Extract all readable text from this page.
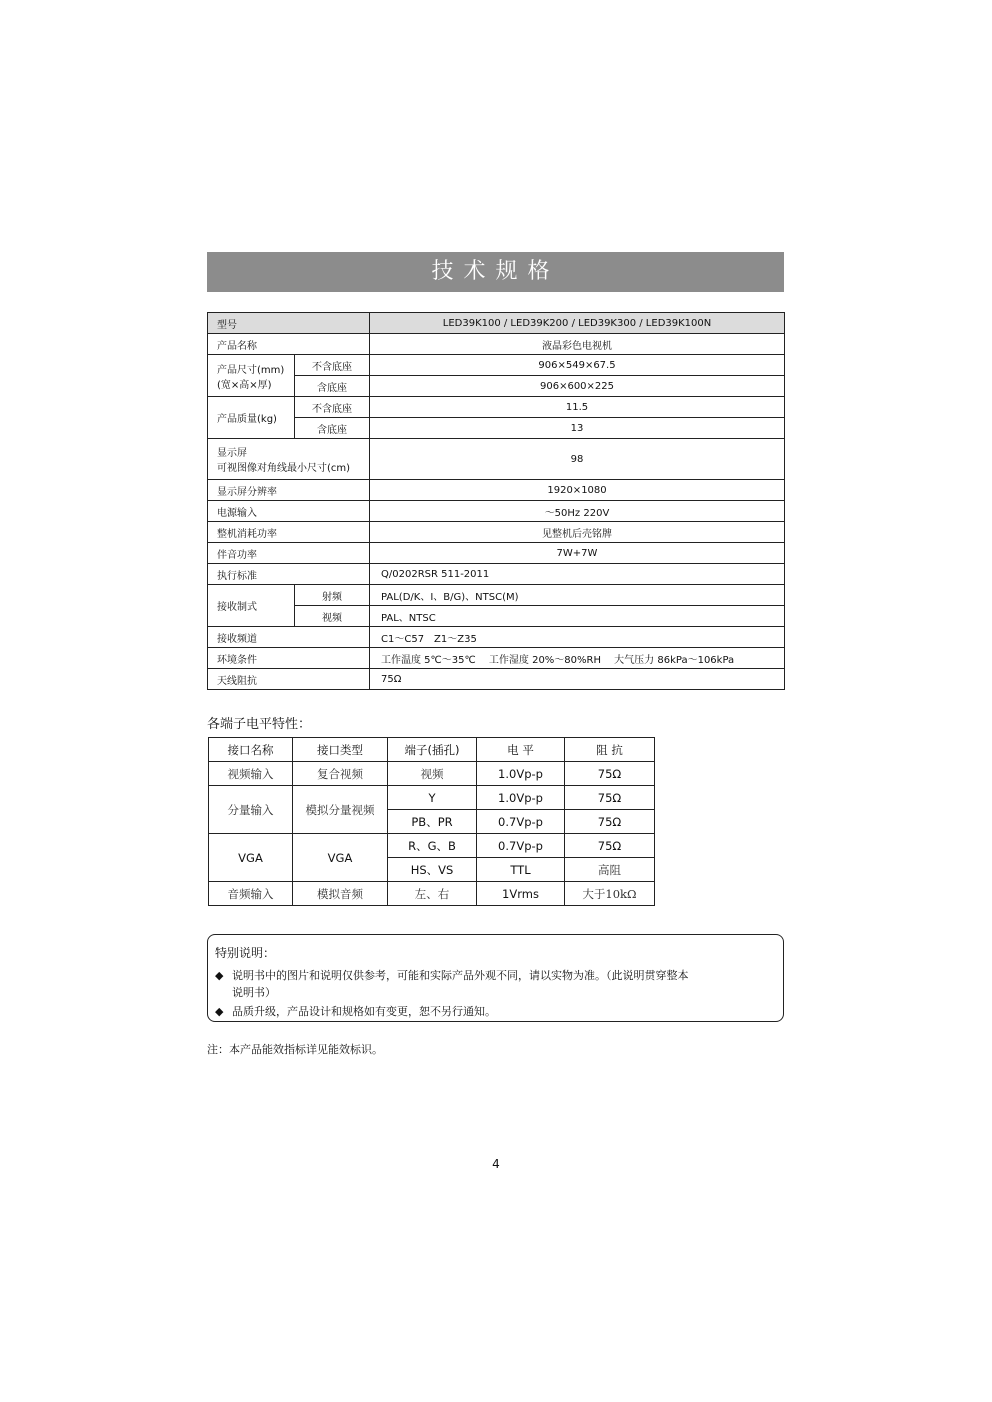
技术规格
型号		LED39K100 / LED39K200 / LED39K300 / LED39K100N
产品名称		液晶彩色电视机

产品尺寸(mm)
(宽×高×厚)	不含底座	906×549×67.5
	含底座	906×600×225
产品质量(kg)	不含底座	11.5
	含底座	13

显示屏
可视图像对角线最小尺寸(cm)		98
显示屏分辨率		1920×1080
电源输入		～50Hz 220V
整机消耗功率		见整机后壳铭牌
伴音功率		7W+7W
执行标准		Q/0202RSR 511-2011
接收制式	射频	PAL(D/K、Ⅰ、B/G)、NTSC(M)
	视频	PAL、NTSC
接收频道		C1～C57　Z1～Z35
环境条件		工作温度 5℃～35℃　 工作湿度 20%～80%RH　 大气压力 86kPa～106kPa
天线阻抗		75Ω
各端子电平特性：
接口名称	接口类型	端子(插孔)	电 平	阻 抗
视频输入	复合视频	视频	1.0Vp-p	75Ω
分量输入	模拟分量视频	Y	1.0Vp-p	75Ω
		PB、PR	0.7Vp-p	75Ω
VGA	VGA	R、G、B	0.7Vp-p	75Ω
		HS、VS	TTL	高阻
音频输入	模拟音频	左、右	1Vrms	大于10kΩ
特别说明：
◆ 说明书中的图片和说明仅供参考，可能和实际产品外观不同，请以实物为准。（此说明贯穿整本
说明书）
◆ 品质升级，产品设计和规格如有变更，恕不另行通知。
注：本产品能效指标详见能效标识。
4
